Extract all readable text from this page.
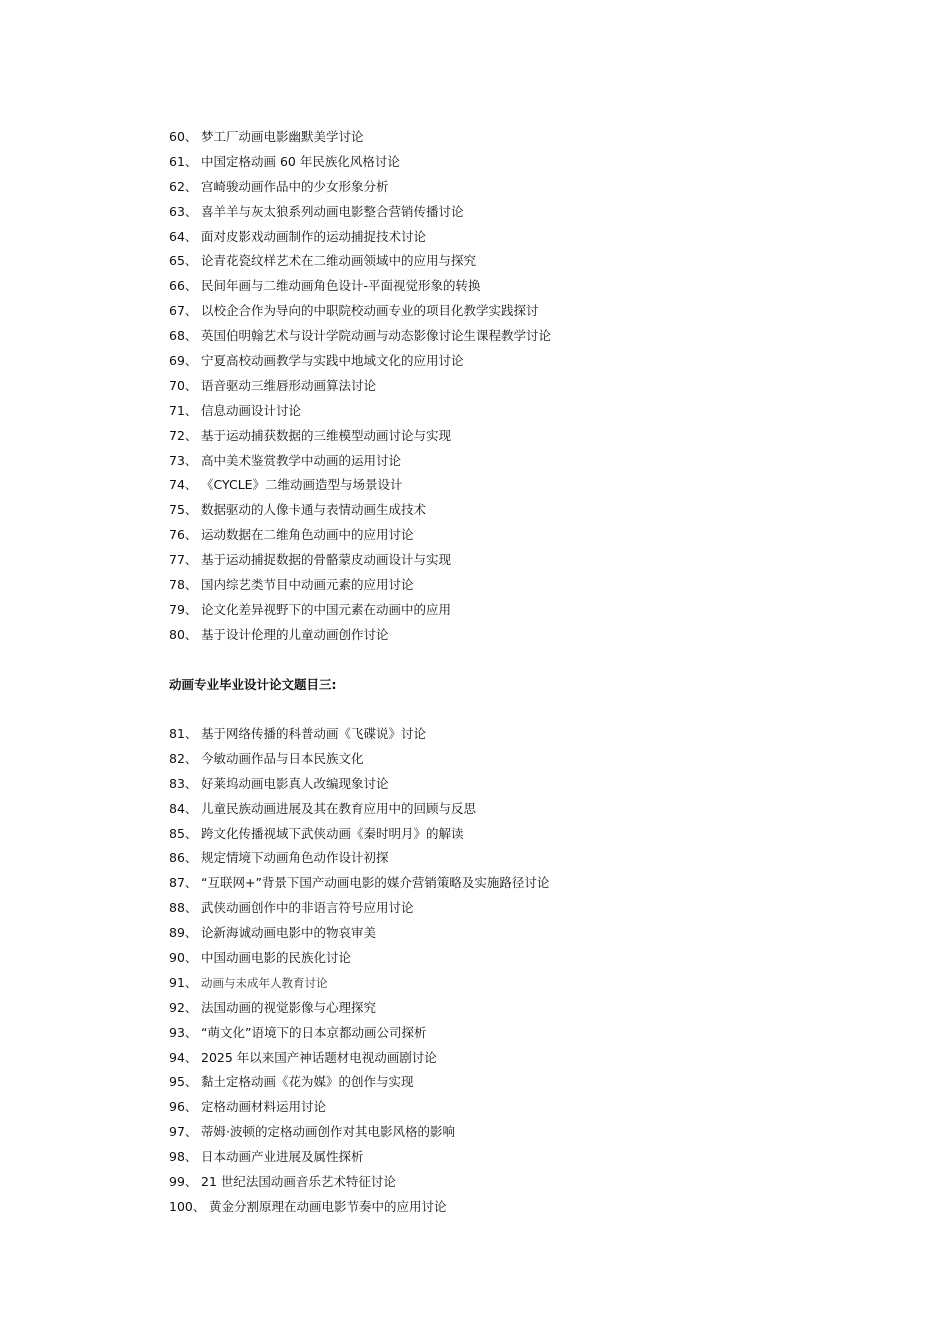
60、 梦工厂动画电影幽默美学讨论
61、 中国定格动画 60 年民族化风格讨论
62、 宫崎骏动画作品中的少女形象分析
63、 喜羊羊与灰太狼系列动画电影整合营销传播讨论
64、 面对皮影戏动画制作的运动捕捉技术讨论
65、 论青花瓷纹样艺术在二维动画领域中的应用与探究
66、 民间年画与二维动画角色设计-平面视觉形象的转换
67、 以校企合作为导向的中职院校动画专业的项目化教学实践探讨
68、 英国伯明翰艺术与设计学院动画与动态影像讨论生课程教学讨论
69、 宁夏高校动画教学与实践中地域文化的应用讨论
70、 语音驱动三维唇形动画算法讨论
71、 信息动画设计讨论
72、 基于运动捕获数据的三维模型动画讨论与实现
73、 高中美术鉴赏教学中动画的运用讨论
74、 《CYCLE》二维动画造型与场景设计
75、 数据驱动的人像卡通与表情动画生成技术
76、 运动数据在二维角色动画中的应用讨论
77、 基于运动捕捉数据的骨骼蒙皮动画设计与实现
78、 国内综艺类节目中动画元素的应用讨论
79、 论文化差异视野下的中国元素在动画中的应用
80、 基于设计伦理的儿童动画创作讨论
动画专业毕业设计论文题目三:
81、 基于网络传播的科普动画《飞碟说》讨论
82、 今敏动画作品与日本民族文化
83、 好莱坞动画电影真人改编现象讨论
84、 儿童民族动画进展及其在教育应用中的回顾与反思
85、 跨文化传播视域下武侠动画《秦时明月》的解读
86、 规定情境下动画角色动作设计初探
87、 “互联网+”背景下国产动画电影的媒介营销策略及实施路径讨论
88、 武侠动画创作中的非语言符号应用讨论
89、 论新海诚动画电影中的物哀审美
90、 中国动画电影的民族化讨论
91、 动画与未成年人教育讨论
92、 法国动画的视觉影像与心理探究
93、 “萌文化”语境下的日本京都动画公司探析
94、 2025 年以来国产神话题材电视动画剧讨论
95、 黏土定格动画《花为媒》的创作与实现
96、 定格动画材料运用讨论
97、 蒂姆·波顿的定格动画创作对其电影风格的影响
98、 日本动画产业进展及属性探析
99、 21 世纪法国动画音乐艺术特征讨论
100、 黄金分割原理在动画电影节奏中的应用讨论
